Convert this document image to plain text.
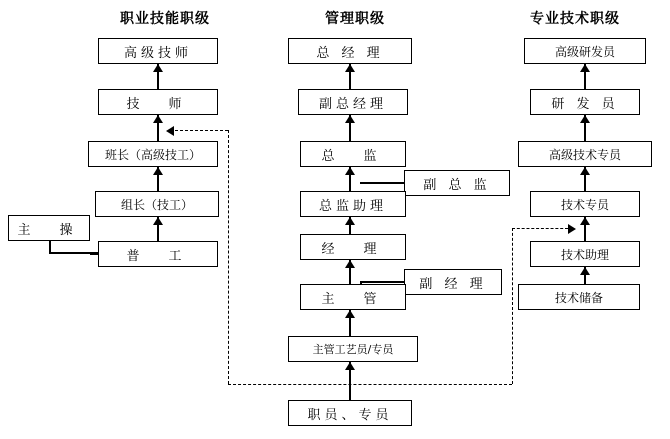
职业技能职级	管理职级	专业技术职级
高级技师
技　师
班长（高级技工）
组长（技工）
普　工
主　操
总 经 理
副总经理
总　监
副 总 监
总监助理
经　理
副 经 理
主　管
主管工艺员/专员
职员、专员
高级研发员
研 发 员
高级技术专员
技术专员
技术助理
技术储备
